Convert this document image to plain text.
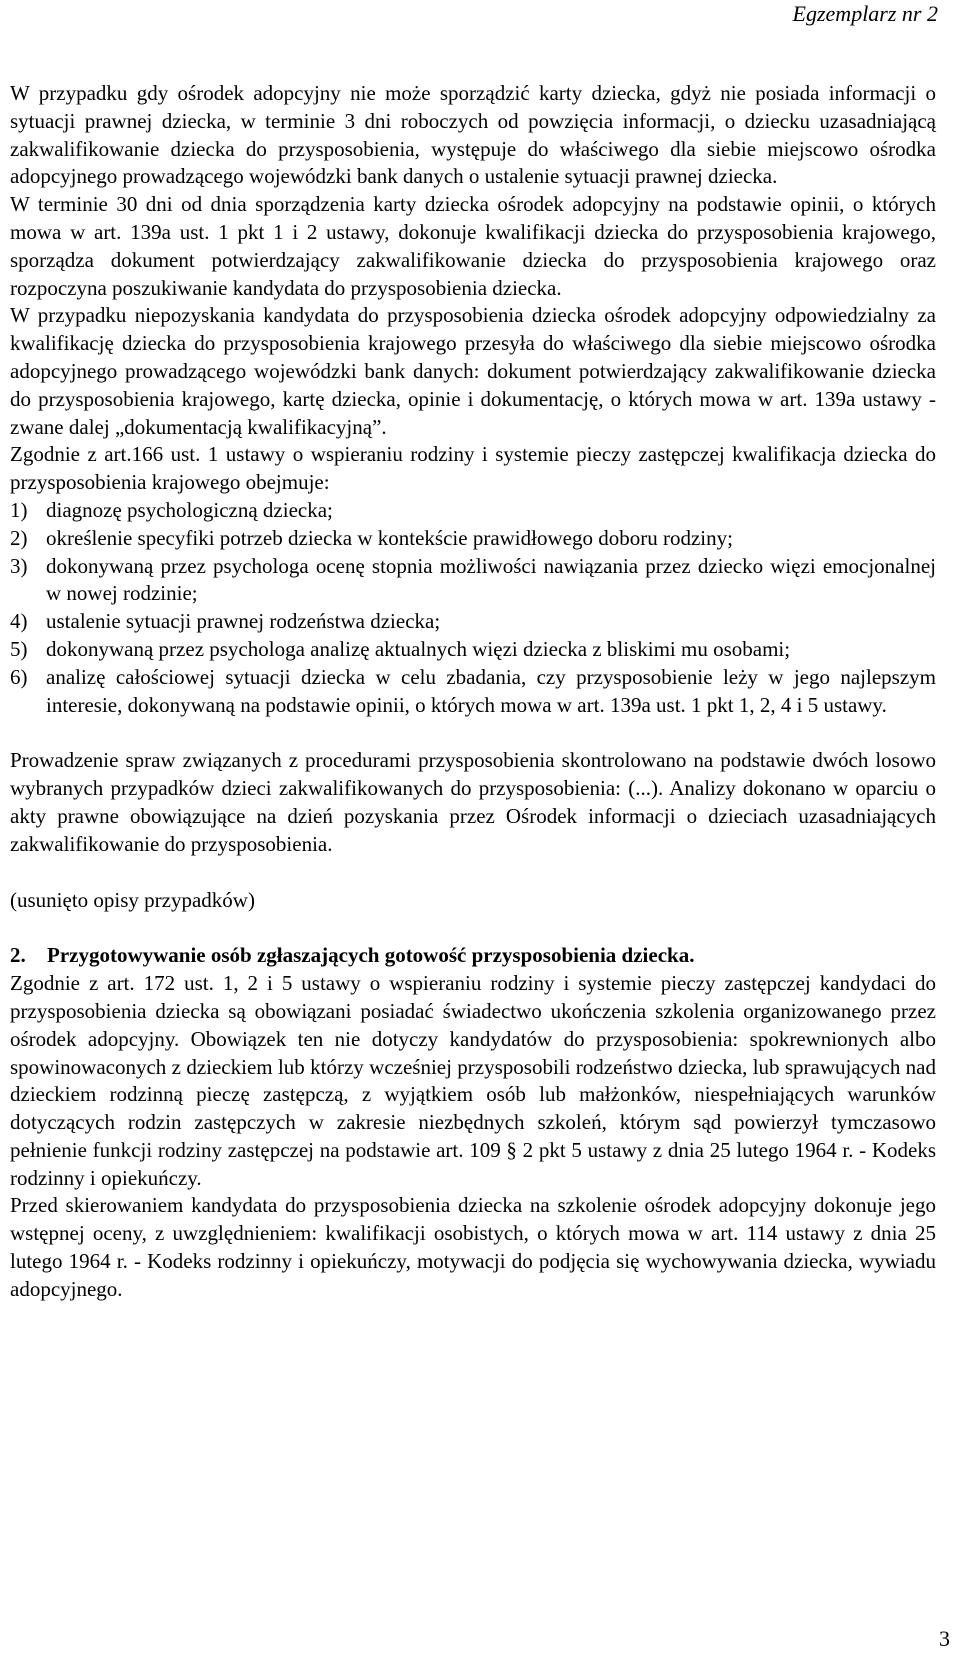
Egzemplarz nr 2

W przypadku gdy ośrodek adopcyjny nie może sporządzić karty dziecka, gdyż nie posiada informacji o sytuacji prawnej dziecka, w terminie 3 dni roboczych od powzięcia informacji, o dziecku uzasadniającą zakwalifikowanie dziecka do przysposobienia, występuje do właściwego dla siebie miejscowo ośrodka adopcyjnego prowadzącego wojewódzki bank danych o ustalenie sytuacji prawnej dziecka.

W terminie 30 dni od dnia sporządzenia karty dziecka ośrodek adopcyjny na podstawie opinii, o których mowa w art. 139a ust. 1 pkt 1 i 2 ustawy, dokonuje kwalifikacji dziecka do przysposobienia krajowego, sporządza dokument potwierdzający zakwalifikowanie dziecka do przysposobienia krajowego oraz rozpoczyna poszukiwanie kandydata do przysposobienia dziecka.

W przypadku niepozyskania kandydata do przysposobienia dziecka ośrodek adopcyjny odpowiedzialny za kwalifikację dziecka do przysposobienia krajowego przesyła do właściwego dla siebie miejscowo ośrodka adopcyjnego prowadzącego wojewódzki bank danych: dokument potwierdzający zakwalifikowanie dziecka do przysposobienia krajowego, kartę dziecka, opinie i dokumentację, o których mowa w art. 139a ustawy - zwane dalej „dokumentacją kwalifikacyjną”.

Zgodnie z art.166 ust. 1 ustawy o wspieraniu rodziny i systemie pieczy zastępczej kwalifikacja dziecka do przysposobienia krajowego obejmuje:

1) diagnozę psychologiczną dziecka;
2) określenie specyfiki potrzeb dziecka w kontekście prawidłowego doboru rodziny;
3) dokonywaną przez psychologa ocenę stopnia możliwości nawiązania przez dziecko więzi emocjonalnej w nowej rodzinie;
4) ustalenie sytuacji prawnej rodzeństwa dziecka;
5) dokonywaną przez psychologa analizę aktualnych więzi dziecka z bliskimi mu osobami;
6) analizę całościowej sytuacji dziecka w celu zbadania, czy przysposobienie leży w jego najlepszym interesie, dokonywaną na podstawie opinii, o których mowa w art. 139a ust. 1 pkt 1, 2, 4 i 5 ustawy.

Prowadzenie spraw związanych z procedurami przysposobienia skontrolowano na podstawie dwóch losowo wybranych przypadków dzieci zakwalifikowanych do przysposobienia: (...). Analizy dokonano w oparciu o akty prawne obowiązujące na dzień pozyskania przez Ośrodek informacji o dzieciach uzasadniających zakwalifikowanie do przysposobienia.

(usunięto opisy przypadków)

2.	Przygotowywanie osób zgłaszających gotowość przysposobienia dziecka.

Zgodnie z art. 172 ust. 1, 2 i 5 ustawy o wspieraniu rodziny i systemie pieczy zastępczej kandydaci do przysposobienia dziecka są obowiązani posiadać świadectwo ukończenia szkolenia organizowanego przez ośrodek adopcyjny. Obowiązek ten nie dotyczy kandydatów do przysposobienia: spokrewnionych albo spowinowaconych z dzieckiem lub którzy wcześniej przysposobili rodzeństwo dziecka, lub sprawujących nad dzieckiem rodzinną pieczę zastępczą, z wyjątkiem osób lub małżonków, niespełniających warunków dotyczących rodzin zastępczych w zakresie niezbędnych szkoleń, którym sąd powierzył tymczasowo pełnienie funkcji rodziny zastępczej na podstawie art. 109 § 2 pkt 5 ustawy z dnia 25 lutego 1964 r. - Kodeks rodzinny i opiekuńczy.

Przed skierowaniem kandydata do przysposobienia dziecka na szkolenie ośrodek adopcyjny dokonuje jego wstępnej oceny, z uwzględnieniem: kwalifikacji osobistych, o których mowa w art. 114 ustawy z dnia 25 lutego 1964 r. - Kodeks rodzinny i opiekuńczy, motywacji do podjęcia się wychowywania dziecka, wywiadu adopcyjnego.

3
